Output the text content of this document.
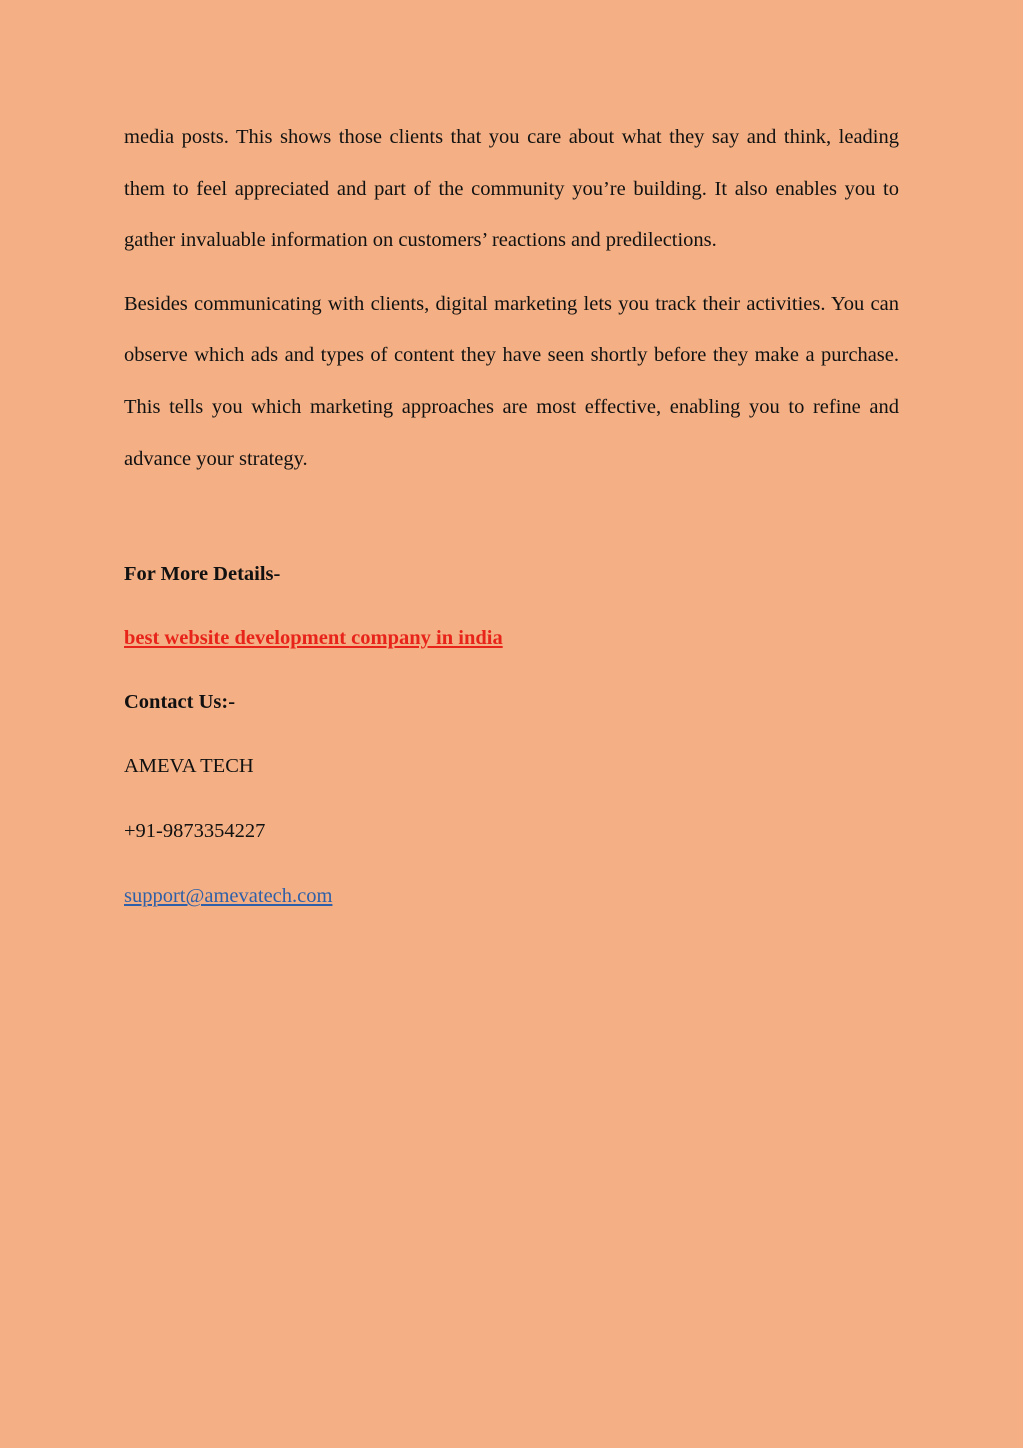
media posts. This shows those clients that you care about what they say and think, leading them to feel appreciated and part of the community you’re building. It also enables you to gather invaluable information on customers’ reactions and predilections.

Besides communicating with clients, digital marketing lets you track their activities. You can observe which ads and types of content they have seen shortly before they make a purchase. This tells you which marketing approaches are most effective, enabling you to refine and advance your strategy.

For More Details-

best website development company in india

Contact Us:-

AMEVA TECH

+91-9873354227

support@amevatech.com
